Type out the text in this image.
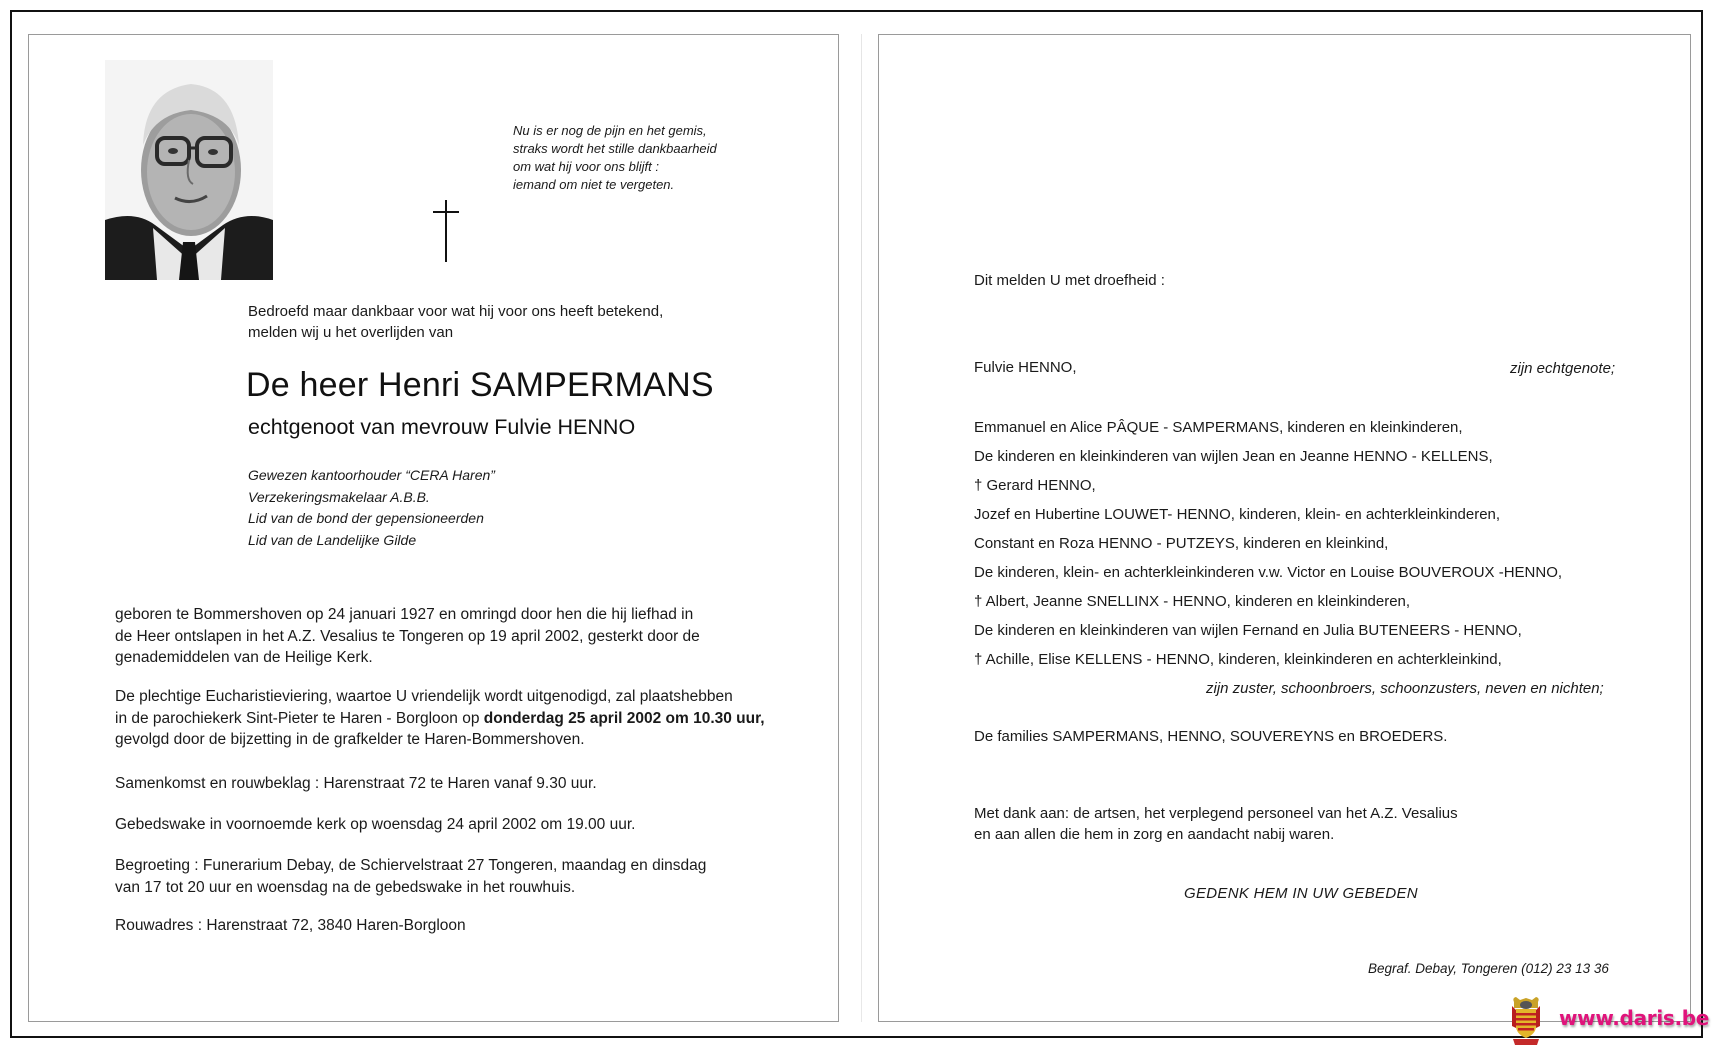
Nu is er nog de pijn en het gemis,
straks wordt het stille dankbaarheid
om wat hij voor ons blijft :
iemand om niet te vergeten.
Bedroefd maar dankbaar voor wat hij voor ons heeft betekend,
melden wij u het overlijden van
De heer Henri SAMPERMANS
echtgenoot van mevrouw Fulvie HENNO
Gewezen kantoorhouder “CERA Haren”
Verzekeringsmakelaar A.B.B.
Lid van de bond der gepensioneerden
Lid van de Landelijke Gilde
geboren te Bommershoven op 24 januari 1927 en omringd door hen die hij liefhad in
de Heer ontslapen in het A.Z. Vesalius te Tongeren op 19 april 2002, gesterkt door de
genademiddelen van de Heilige Kerk.
De plechtige Eucharistieviering, waartoe U vriendelijk wordt uitgenodigd, zal plaatshebben
in de parochiekerk Sint-Pieter te Haren - Borgloon op donderdag 25 april 2002 om 10.30 uur,
gevolgd door de bijzetting in de grafkelder te Haren-Bommershoven.
Samenkomst en rouwbeklag : Harenstraat 72 te Haren vanaf 9.30 uur.
Gebedswake in voornoemde kerk op woensdag 24 april 2002 om 19.00 uur.
Begroeting : Funerarium Debay, de Schiervelstraat 27 Tongeren, maandag en dinsdag
van 17 tot 20 uur en woensdag na de gebedswake in het rouwhuis.
Rouwadres : Harenstraat 72, 3840 Haren-Borgloon
Dit melden U met droefheid :
Fulvie HENNO,	zijn echtgenote;
Emmanuel en Alice PÂQUE - SAMPERMANS, kinderen en kleinkinderen,
De kinderen en kleinkinderen van wijlen Jean en Jeanne HENNO - KELLENS,
† Gerard HENNO,
Jozef en Hubertine LOUWET- HENNO, kinderen, klein- en achterkleinkinderen,
Constant en Roza HENNO - PUTZEYS, kinderen en kleinkind,
De kinderen, klein- en achterkleinkinderen v.w. Victor en Louise BOUVEROUX -HENNO,
† Albert, Jeanne SNELLINX - HENNO, kinderen en kleinkinderen,
De kinderen en kleinkinderen van wijlen Fernand en Julia BUTENEERS - HENNO,
† Achille, Elise KELLENS - HENNO, kinderen, kleinkinderen en achterkleinkind,
zijn zuster, schoonbroers, schoonzusters, neven en nichten;
De families SAMPERMANS, HENNO, SOUVEREYNS en BROEDERS.
Met dank aan: de artsen, het verplegend personeel van het A.Z. Vesalius
en aan allen die hem in zorg en aandacht nabij waren.
GEDENK HEM IN UW GEBEDEN
Begraf. Debay, Tongeren (012) 23 13 36
www.daris.be
